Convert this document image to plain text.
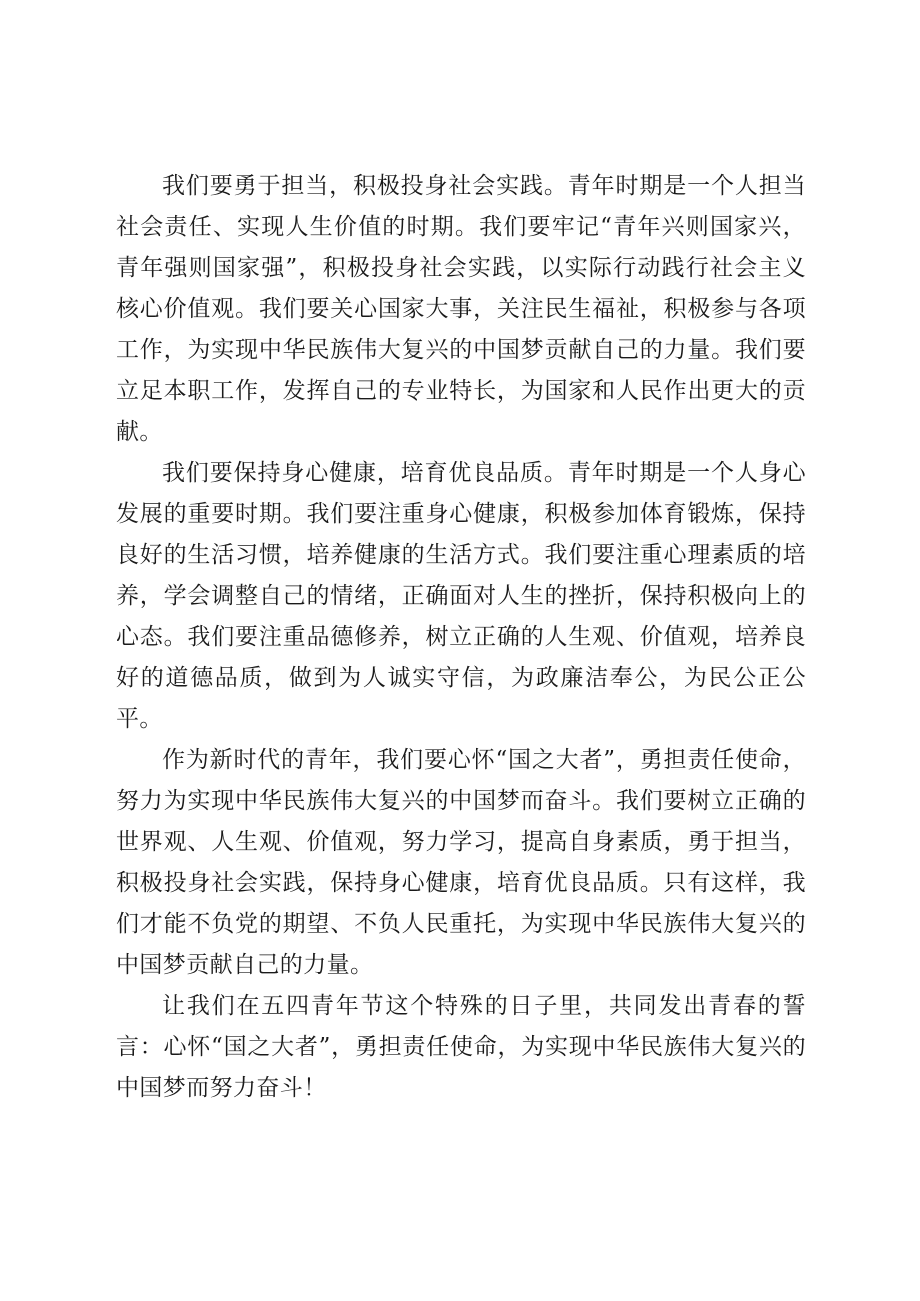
我们要勇于担当，积极投身社会实践。青年时期是一个人担当社会责任、实现人生价值的时期。我们要牢记“青年兴则国家兴，青年强则国家强”，积极投身社会实践，以实际行动践行社会主义核心价值观。我们要关心国家大事，关注民生福祉，积极参与各项工作，为实现中华民族伟大复兴的中国梦贡献自己的力量。我们要立足本职工作，发挥自己的专业特长，为国家和人民作出更大的贡献。

我们要保持身心健康，培育优良品质。青年时期是一个人身心发展的重要时期。我们要注重身心健康，积极参加体育锻炼，保持良好的生活习惯，培养健康的生活方式。我们要注重心理素质的培养，学会调整自己的情绪，正确面对人生的挫折，保持积极向上的心态。我们要注重品德修养，树立正确的人生观、价值观，培养良好的道德品质，做到为人诚实守信，为政廉洁奉公，为民公正公平。

作为新时代的青年，我们要心怀“国之大者”，勇担责任使命，努力为实现中华民族伟大复兴的中国梦而奋斗。我们要树立正确的世界观、人生观、价值观，努力学习，提高自身素质，勇于担当，积极投身社会实践，保持身心健康，培育优良品质。只有这样，我们才能不负党的期望、不负人民重托，为实现中华民族伟大复兴的中国梦贡献自己的力量。

让我们在五四青年节这个特殊的日子里，共同发出青春的誓言：心怀“国之大者”，勇担责任使命，为实现中华民族伟大复兴的中国梦而努力奋斗！
